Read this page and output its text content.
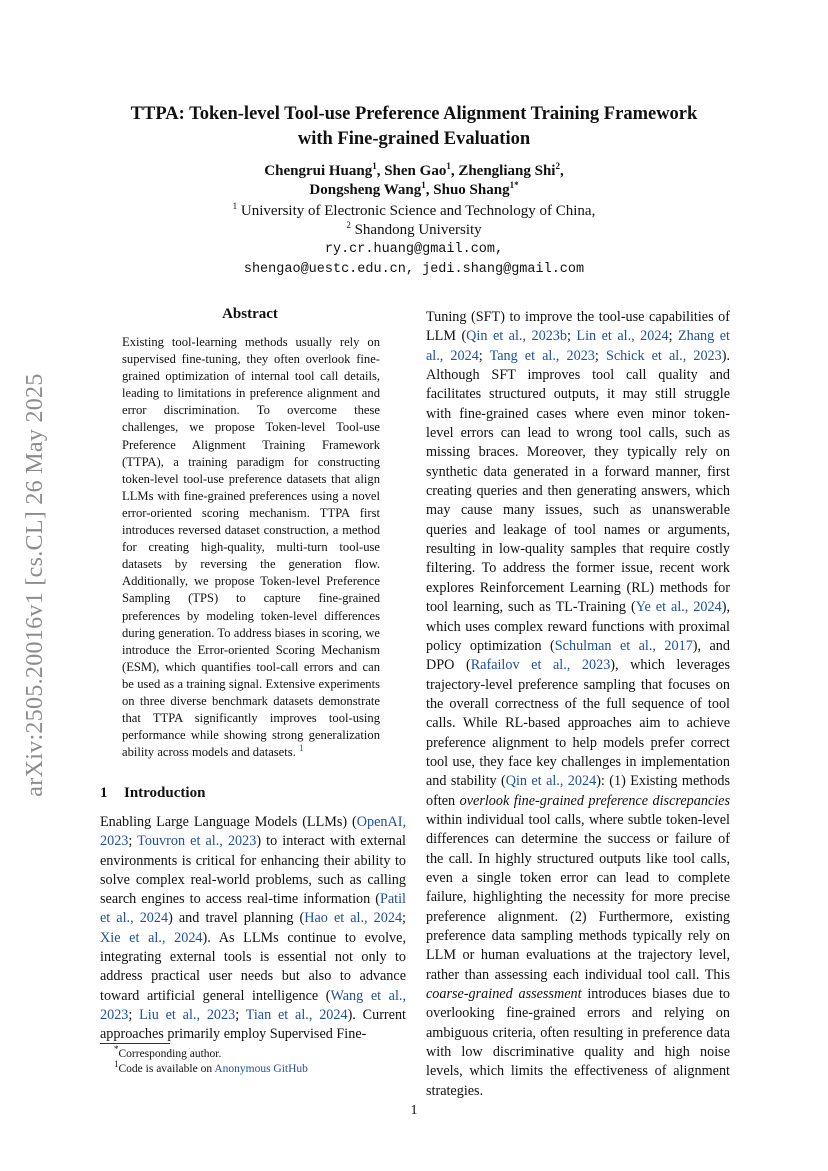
arXiv:2505.20016v1 [cs.CL] 26 May 2025
TTPA: Token-level Tool-use Preference Alignment Training Framework
with Fine-grained Evaluation
Chengrui Huang$^1$, Shen Gao$^1$, Zhengliang Shi$^2$,
Dongsheng Wang$^1$, Shuo Shang$^{1*}$
$^1$ University of Electronic Science and Technology of China,
$^2$ Shandong University
ry.cr.huang@gmail.com,
shengao@uestc.edu.cn, jedi.shang@gmail.com
Abstract

Existing tool-learning methods usually rely on supervised fine-tuning, they often overlook fine-grained optimization of internal tool call details, leading to limitations in preference alignment and error discrimination. To overcome these challenges, we propose Token-level Tool-use Preference Alignment Training Framework (TTPA), a training paradigm for constructing token-level tool-use preference datasets that align LLMs with fine-grained preferences using a novel error-oriented scoring mechanism. TTPA first introduces reversed dataset construction, a method for creating high-quality, multi-turn tool-use datasets by reversing the generation flow. Additionally, we propose Token-level Preference Sampling (TPS) to capture fine-grained preferences by modeling token-level differences during generation. To address biases in scoring, we introduce the Error-oriented Scoring Mechanism (ESM), which quantifies tool-call errors and can be used as a training signal. Extensive experiments on three diverse benchmark datasets demonstrate that TTPA significantly improves tool-using performance while showing strong generalization ability across models and datasets. $^1$

1 Introduction

Enabling Large Language Models (LLMs) (OpenAI, 2023; Touvron et al., 2023) to interact with external environments is critical for enhancing their ability to solve complex real-world problems, such as calling search engines to access real-time information (Patil et al., 2024) and travel planning (Hao et al., 2024; Xie et al., 2024). As LLMs continue to evolve, integrating external tools is essential not only to address practical user needs but also to advance toward artificial general intelligence (Wang et al., 2023; Liu et al., 2023; Tian et al., 2024). Current approaches primarily employ Supervised Fine-

*Corresponding author.
$^1$Code is available on Anonymous GitHub

Tuning (SFT) to improve the tool-use capabilities of LLM (Qin et al., 2023b; Lin et al., 2024; Zhang et al., 2024; Tang et al., 2023; Schick et al., 2023). Although SFT improves tool call quality and facilitates structured outputs, it may still struggle with fine-grained cases where even minor token-level errors can lead to wrong tool calls, such as missing braces. Moreover, they typically rely on synthetic data generated in a forward manner, first creating queries and then generating answers, which may cause many issues, such as unanswerable queries and leakage of tool names or arguments, resulting in low-quality samples that require costly filtering. To address the former issue, recent work explores Reinforcement Learning (RL) methods for tool learning, such as TL-Training (Ye et al., 2024), which uses complex reward functions with proximal policy optimization (Schulman et al., 2017), and DPO (Rafailov et al., 2023), which leverages trajectory-level preference sampling that focuses on the overall correctness of the full sequence of tool calls. While RL-based approaches aim to achieve preference alignment to help models prefer correct tool use, they face key challenges in implementation and stability (Qin et al., 2024): (1) Existing methods often overlook fine-grained preference discrepancies within individual tool calls, where subtle token-level differences can determine the success or failure of the call. In highly structured outputs like tool calls, even a single token error can lead to complete failure, highlighting the necessity for more precise preference alignment. (2) Furthermore, existing preference data sampling methods typically rely on LLM or human evaluations at the trajectory level, rather than assessing each individual tool call. This coarse-grained assessment introduces biases due to overlooking fine-grained errors and relying on ambiguous criteria, often resulting in preference data with low discriminative quality and high noise levels, which limits the effectiveness of alignment strategies.

1
